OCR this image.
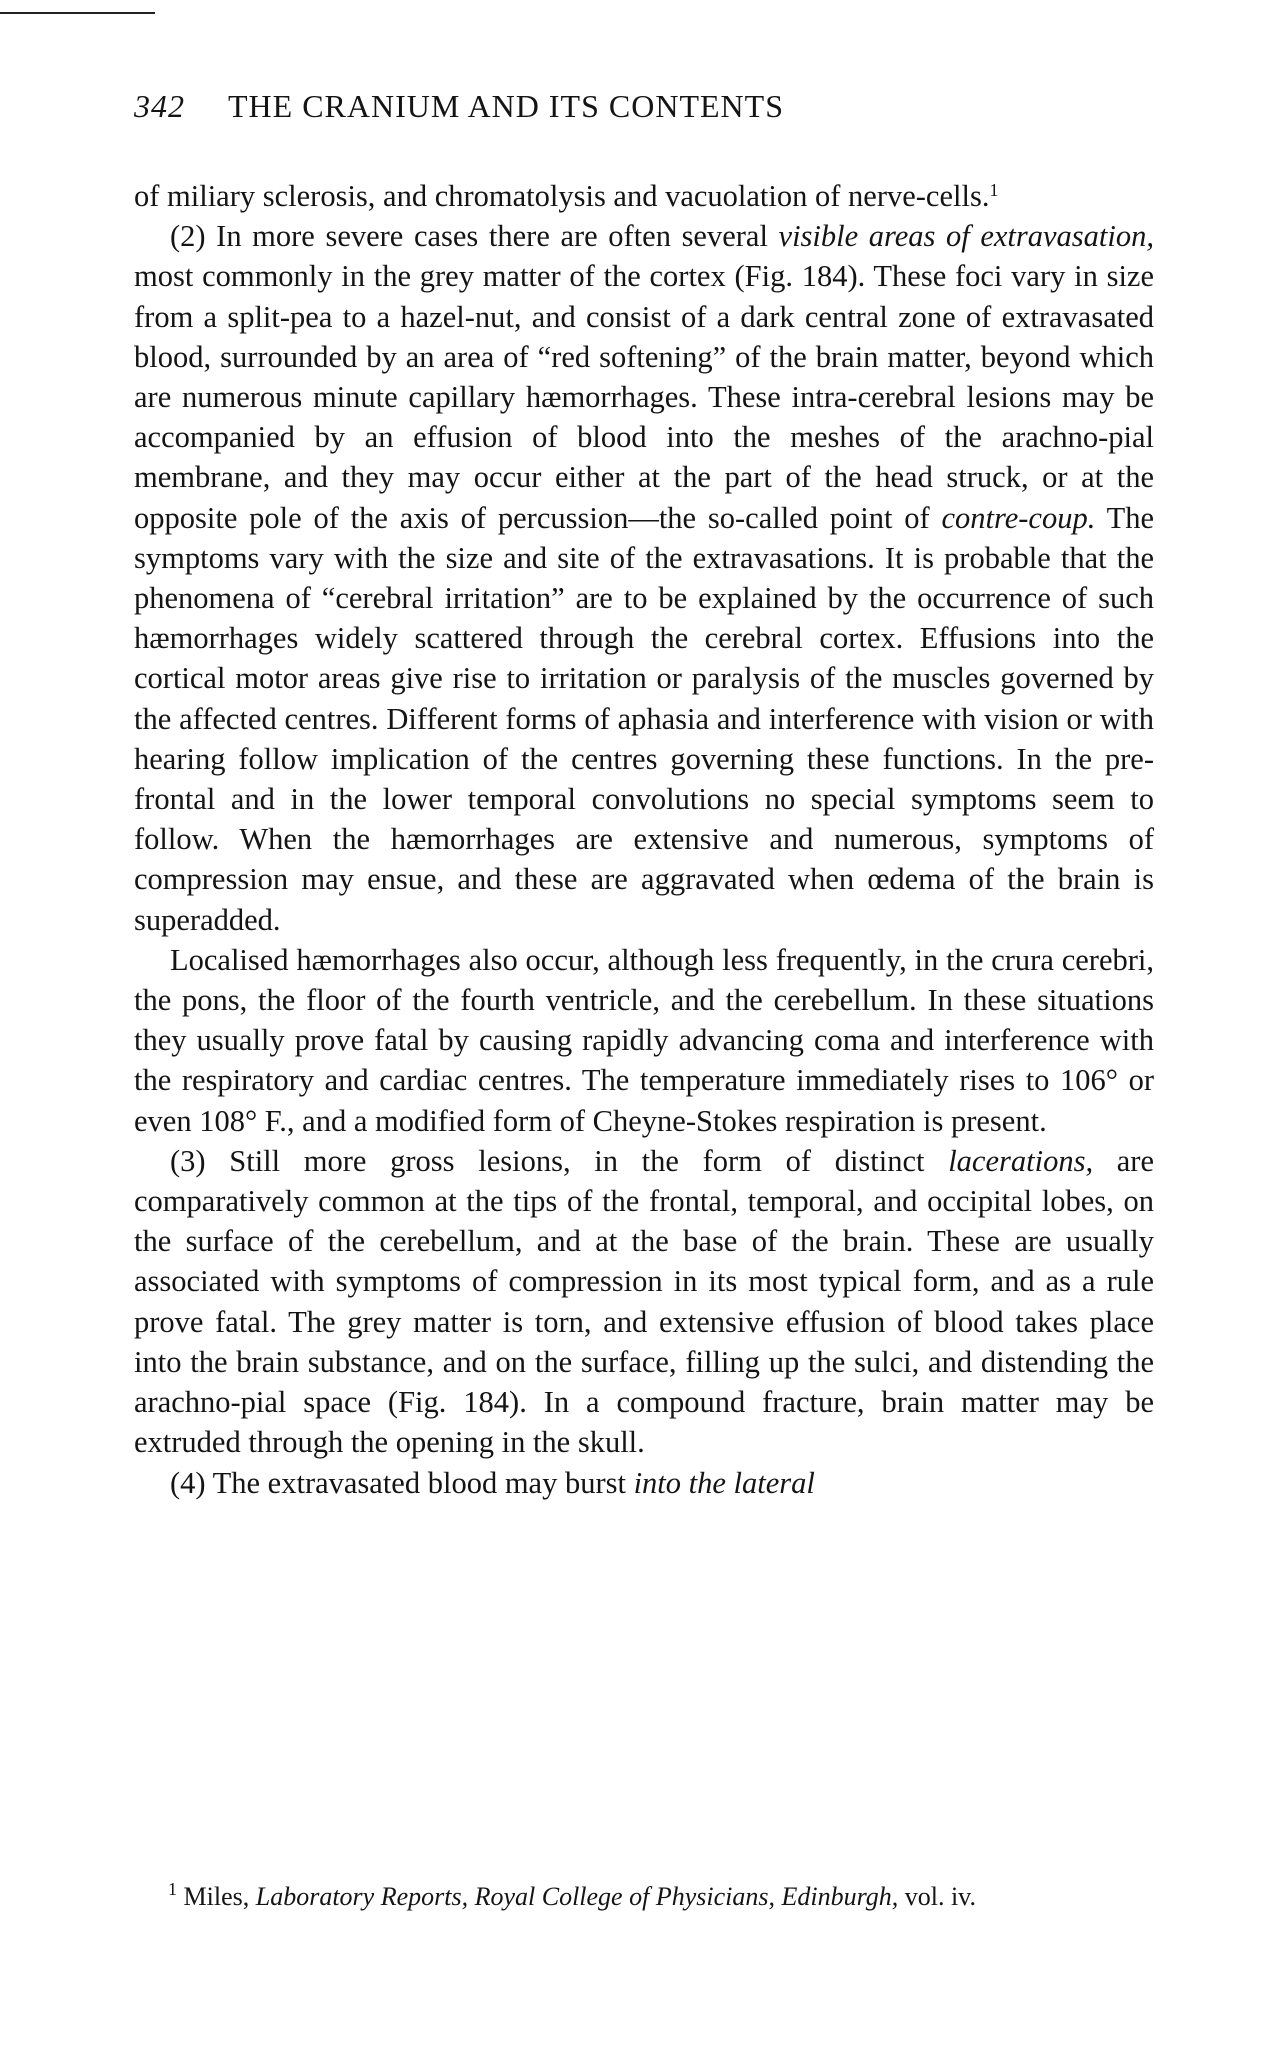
342 THE CRANIUM AND ITS CONTENTS

of miliary sclerosis, and chromatolysis and vacuolation of nerve-cells.$^1$

(2) In more severe cases there are often several visible areas of extravasation, most commonly in the grey matter of the cortex (Fig. 184). These foci vary in size from a split-pea to a hazel-nut, and consist of a dark central zone of extravasated blood, surrounded by an area of “red softening” of the brain matter, beyond which are numerous minute capillary hæmorrhages. These intra-cerebral lesions may be accompanied by an effusion of blood into the meshes of the arachno-pial membrane, and they may occur either at the part of the head struck, or at the opposite pole of the axis of percussion—the so-called point of contre-coup. The symptoms vary with the size and site of the extravasations. It is probable that the phenomena of “cerebral irritation” are to be explained by the occurrence of such hæmorrhages widely scattered through the cerebral cortex. Effusions into the cortical motor areas give rise to irritation or paralysis of the muscles governed by the affected centres. Different forms of aphasia and interference with vision or with hearing follow implication of the centres governing these functions. In the pre-frontal and in the lower temporal convolutions no special symptoms seem to follow. When the hæmorrhages are extensive and numerous, symptoms of compression may ensue, and these are aggravated when œdema of the brain is superadded.

Localised hæmorrhages also occur, although less frequently, in the crura cerebri, the pons, the floor of the fourth ventricle, and the cerebellum. In these situations they usually prove fatal by causing rapidly advancing coma and interference with the respiratory and cardiac centres. The temperature immediately rises to 106° or even 108° F., and a modified form of Cheyne-Stokes respiration is present.

(3) Still more gross lesions, in the form of distinct lacerations, are comparatively common at the tips of the frontal, temporal, and occipital lobes, on the surface of the cerebellum, and at the base of the brain. These are usually associated with symptoms of compression in its most typical form, and as a rule prove fatal. The grey matter is torn, and extensive effusion of blood takes place into the brain substance, and on the surface, filling up the sulci, and distending the arachno-pial space (Fig. 184). In a compound fracture, brain matter may be extruded through the opening in the skull.

(4) The extravasated blood may burst into the lateral

$^1$ Miles, Laboratory Reports, Royal College of Physicians, Edinburgh, vol. iv.
